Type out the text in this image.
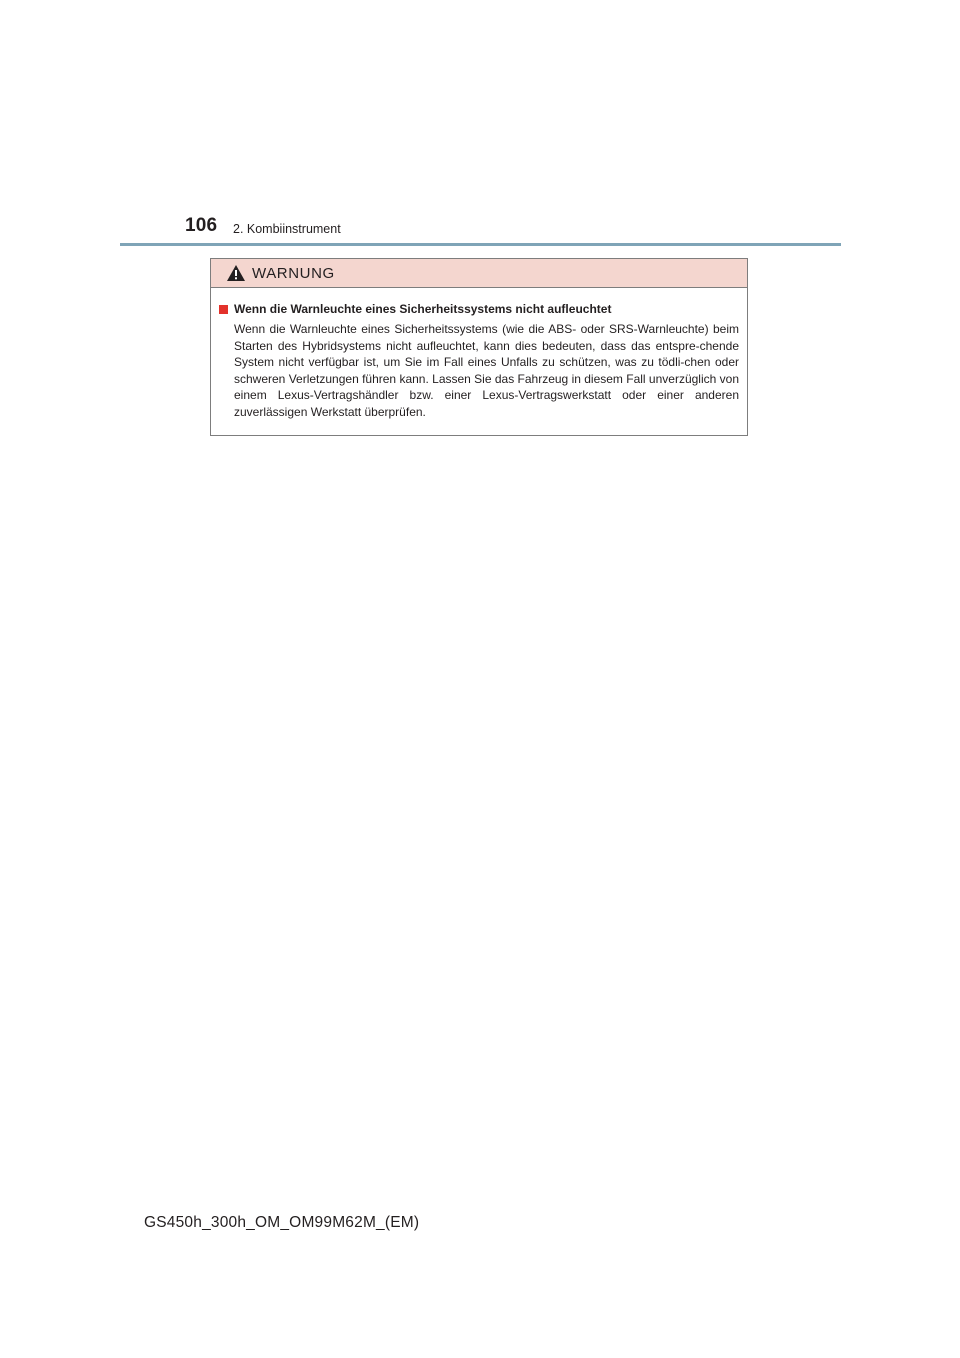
106 2. Kombiinstrument
WARNUNG
Wenn die Warnleuchte eines Sicherheitssystems nicht aufleuchtet

Wenn die Warnleuchte eines Sicherheitssystems (wie die ABS- oder SRS-Warnleuchte) beim Starten des Hybridsystems nicht aufleuchtet, kann dies bedeuten, dass das entspre-chende System nicht verfügbar ist, um Sie im Fall eines Unfalls zu schützen, was zu tödli-chen oder schweren Verletzungen führen kann. Lassen Sie das Fahrzeug in diesem Fall unverzüglich von einem Lexus-Vertragshändler bzw. einer Lexus-Vertragswerkstatt oder einer anderen zuverlässigen Werkstatt überprüfen.

GS450h_300h_OM_OM99M62M_(EM)
